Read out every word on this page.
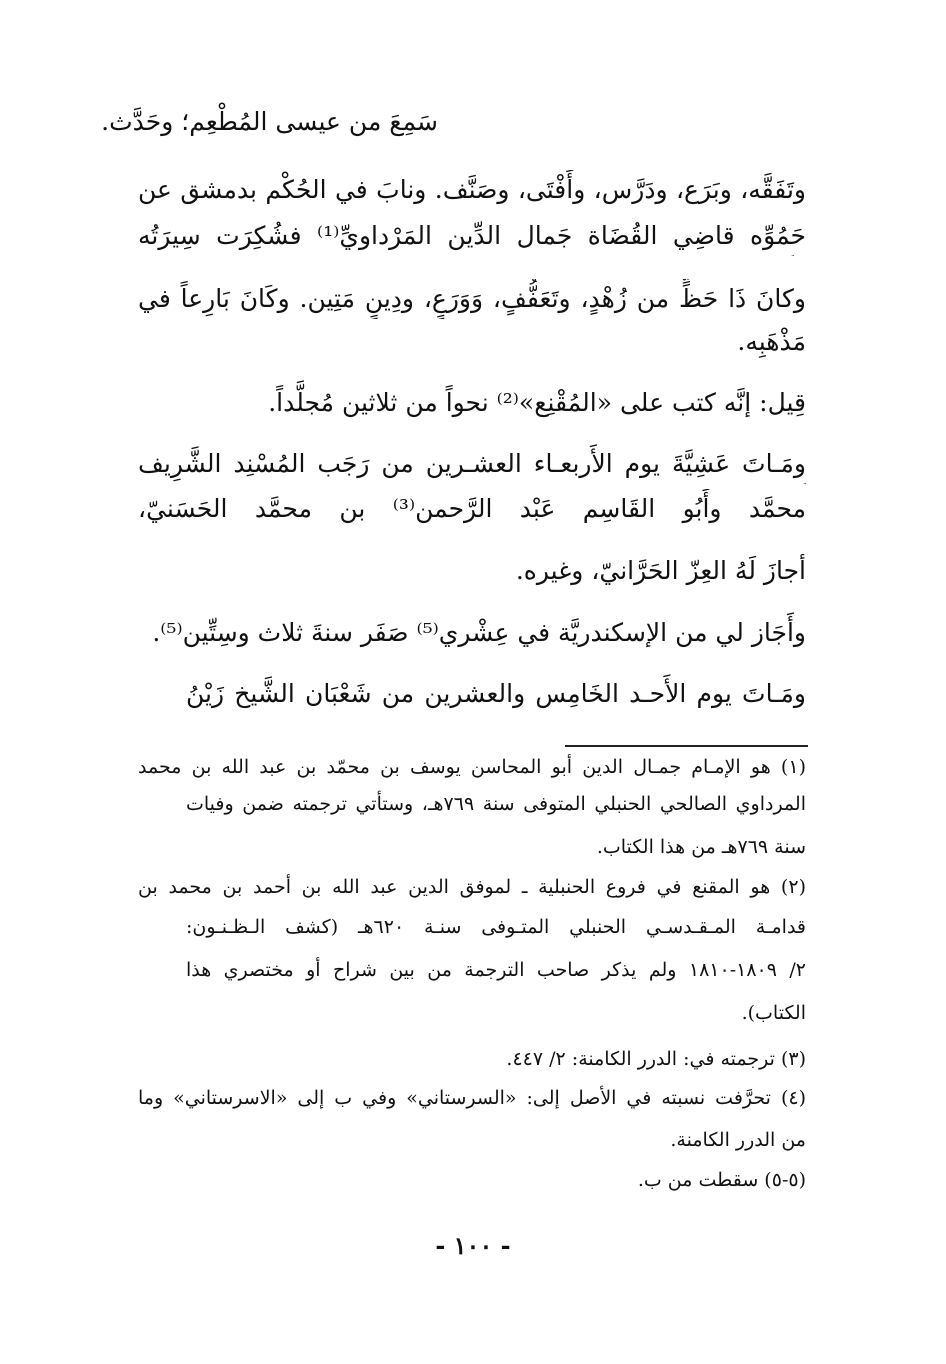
سَمِعَ من عيسى المُطْعِم؛ وحَدَّث.
وتَفَقَّه، وبَرَع، ودَرَّس، وأَفْتَى، وصَنَّف. ونابَ في الحُكْم بدمشق عن
حَمُوِّه قاضِي القُضَاة جَمال الدِّين المَرْداويِّ⁽¹⁾ فشُكِرَت سِيرَتُه
وكانَ ذَا حَظٍّ من زُهْدٍ، وتَعَفُّفٍ، وَوَرَعٍ، ودِينٍ مَتِين. وكَانَ بَارِعاً في
مَذْهَبِه.
قِيل: إنَّه كتب على «المُقْنِع»⁽²⁾ نحواً من ثلاثين مُجلَّداً.
ومَـاتَ عَشِيَّةَ يوم الأَربعـاء العشـرين من رَجَب المُسْنِد الشَّرِيف
محمَّد وأَبُو القَاسِم عَبْد الرَّحمن⁽³⁾ بن محمَّد الحَسَنيّ،
أجازَ لَهُ العِزّ الحَرَّانيّ، وغيره.
وأَجَاز لي من الإسكندريَّة في عِشْري⁽⁵⁾ صَفَر سنةَ ثلاث وسِتِّين⁽⁵⁾.
ومَـاتَ يوم الأَحـد الخَامِس والعشرين من شَعْبَان الشَّيخ زَيْنُ
(١) هو الإمـام جمـال الدين أبو المحاسن يوسف بن محمّد بن عبد الله بن محمد
المرداوي الصالحي الحنبلي المتوفى سنة ٧٦٩هـ، وستأتي ترجمته ضمن وفيات
سنة ٧٦٩هـ من هذا الكتاب.
(٢) هو المقنع في فروع الحنبلية ـ لموفق الدين عبد الله بن أحمد بن محمد بن
قدامـة المـقـدسـي الحنبلي المتـوفى سنـة ٦٢٠هـ (كشف الـظـنـون:
٢/ ١٨٠٩-١٨١٠ ولم يذكر صاحب الترجمة من بين شراح أو مختصري هذا
الكتاب).
(٣) ترجمته في: الدرر الكامنة: ٢/ ٤٤٧.
(٤) تحرَّفت نسبته في الأصل إلى: «السرستاني» وفي ب إلى «الاسرستاني» وما
من الدرر الكامنة.
(٥-٥) سقطت من ب.
- ١٠٠ -
